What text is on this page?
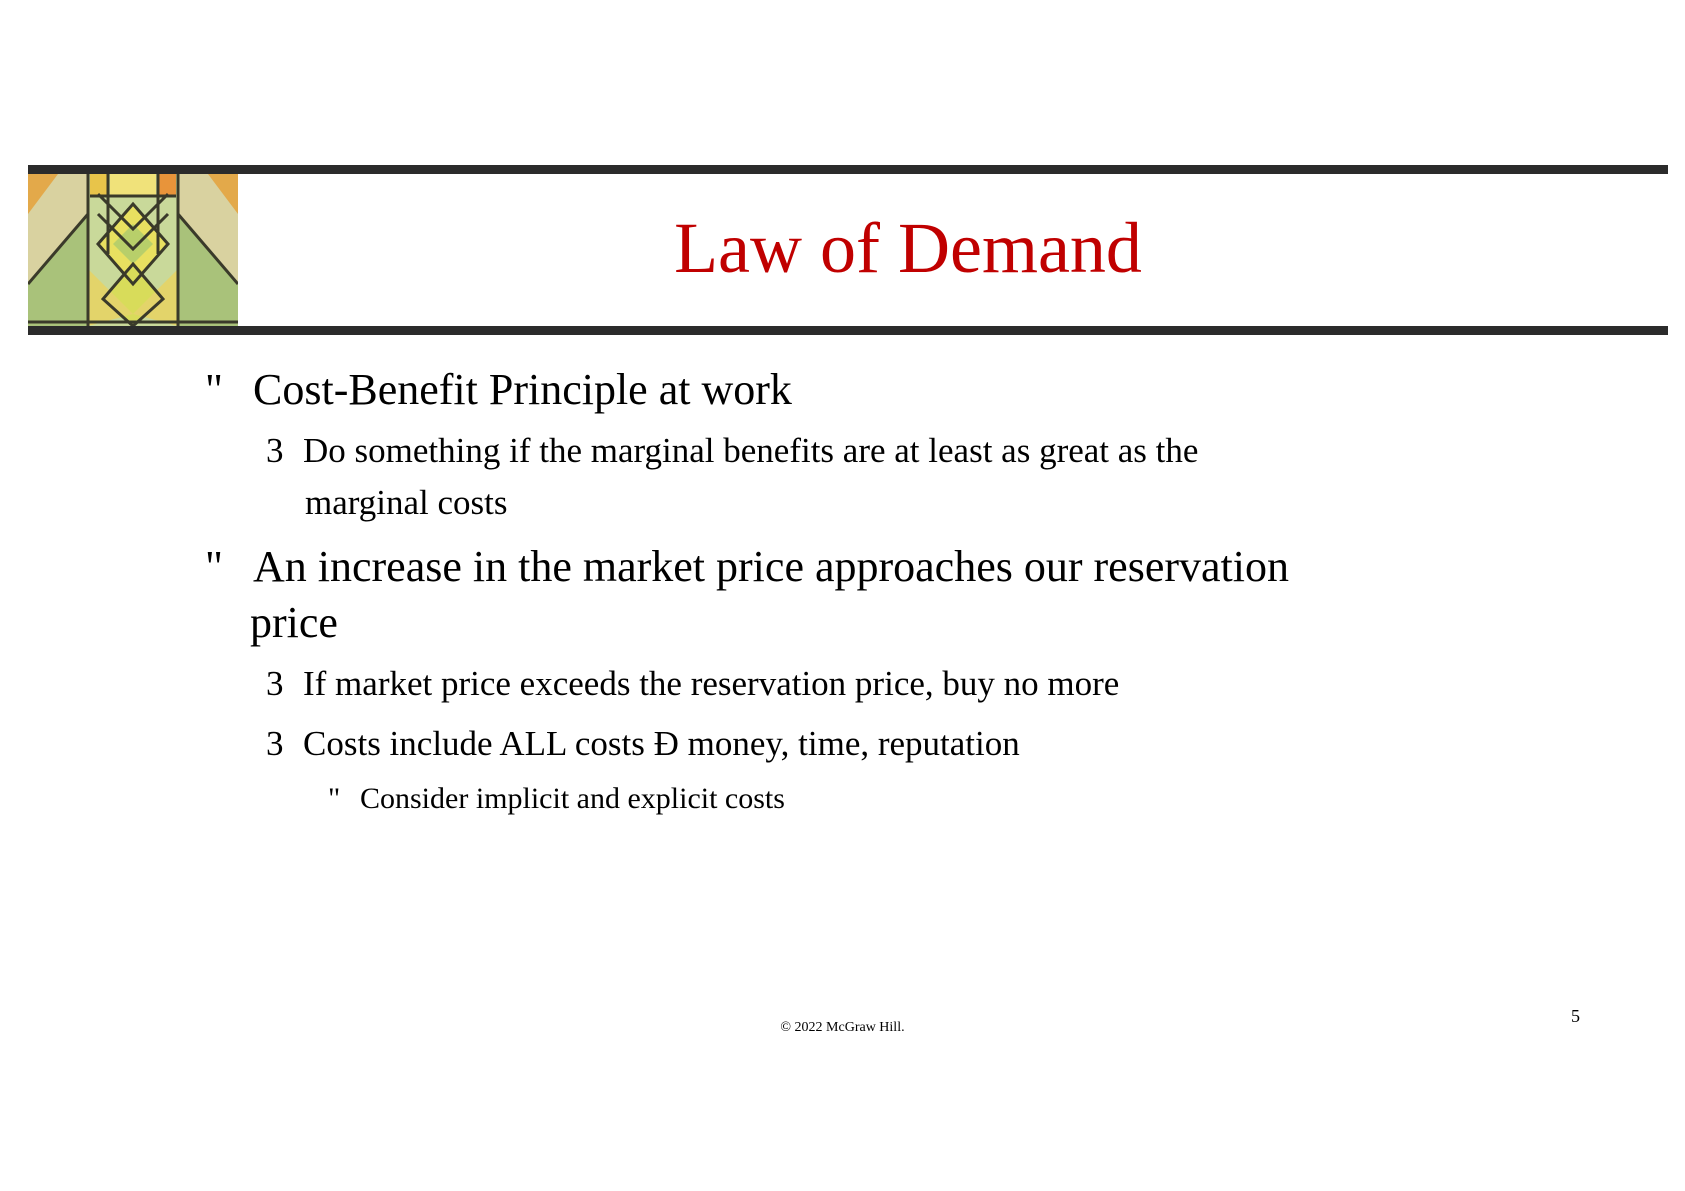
Law of Demand
" Cost-Benefit Principle at work
3 Do something if the marginal benefits are at least as great as the
marginal costs
" An increase in the market price approaches our reservation
price
3 If market price exceeds the reservation price, buy no more
3 Costs include ALL costs Đ money, time, reputation
" Consider implicit and explicit costs
5
© 2022 McGraw Hill.
